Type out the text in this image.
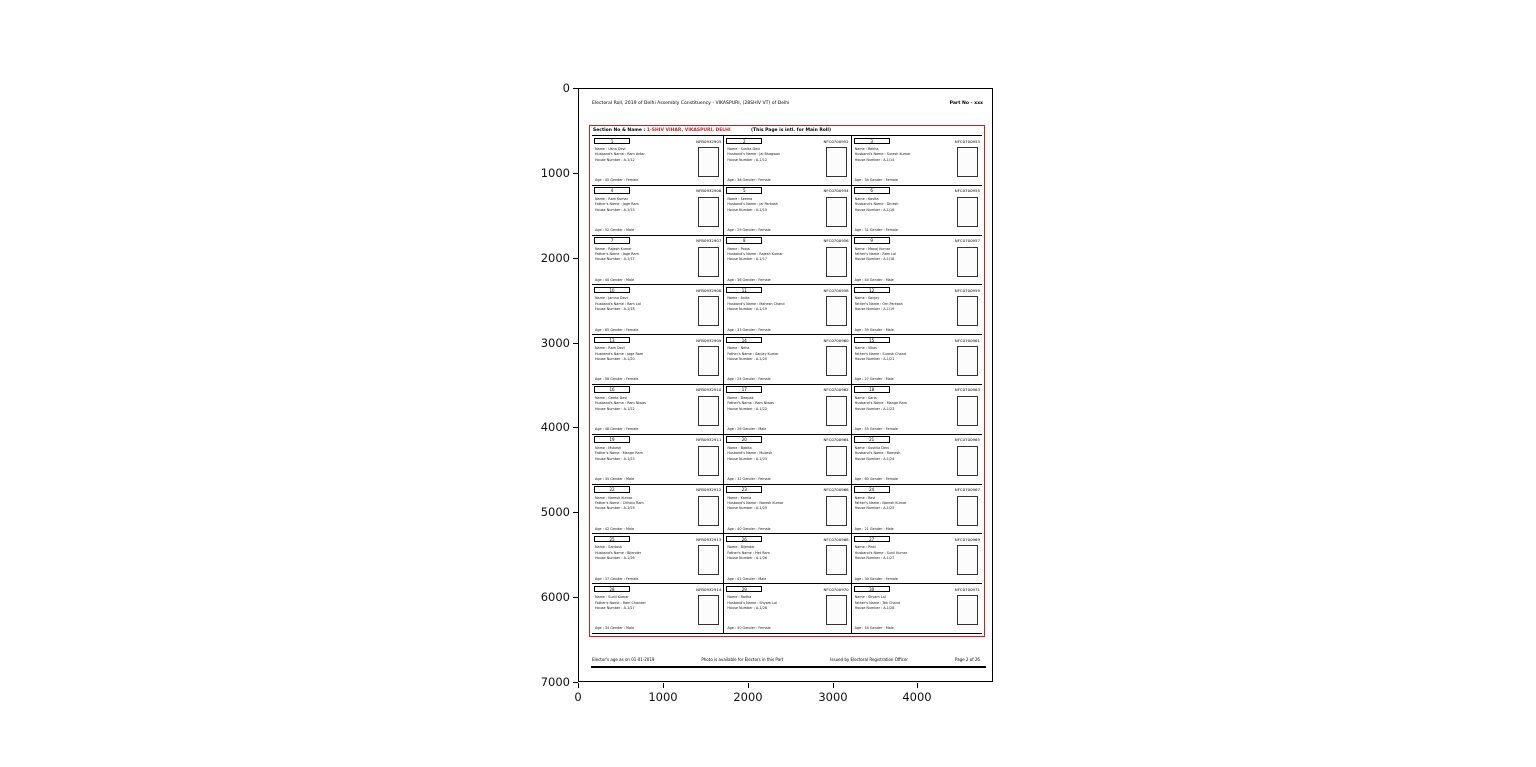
0
1000
2000
3000
4000
5000
6000
7000
0	1000	2000	3000	4000
Electoral Roll, 2019 of Delhi Assembly Constituency - VIKASPURI, (28SHIV VT) of Delhi	Part No - xxx
Section No & Name : 1-SHIV VIHAR, VIKASPURI, DELHI	(This Page is intl. for Main Roll)
1	NFB0932905
Name : Usha Devi
Husband's Name : Ram Avtar
House Number : A-1/12
Age : 45 Gender : Female
2	NFC0700952
Name : Sunita Devi
Husband's Name : Jai Bhagwan
House Number : A-1/12
Age : 38 Gender : Female
3	NFC0700953
Name : Rekha
Husband's Name : Suresh Kumar
House Number : A-1/14
Age : 34 Gender : Female
4	NFB0932906
Name : Ram Kumar
Father's Name : Jage Ram
House Number : A-1/15
Age : 52 Gender : Male
5	NFC0700954
Name : Seema
Husband's Name : Jai Parkash
House Number : A-1/15
Age : 29 Gender : Female
6	NFC0700955
Name : Kavita
Husband's Name : Dinesh
House Number : A-1/16
Age : 31 Gender : Female
7	NFB0932907
Name : Rajesh Kumar
Father's Name : Jage Ram
House Number : A-1/17
Age : 40 Gender : Male
8	NFC0700956
Name : Pooja
Husband's Name : Rajesh Kumar
House Number : A-1/17
Age : 36 Gender : Female
9	NFC0700957
Name : Manoj Kumar
Father's Name : Ram Lal
House Number : A-1/18
Age : 44 Gender : Male
10	NFB0932908
Name : Jamna Devi
Husband's Name : Ram Lal
House Number : A-1/18
Age : 65 Gender : Female
11	NFC0700958
Name : Anita
Husband's Name : Mahesh Chand
House Number : A-1/19
Age : 33 Gender : Female
12	NFC0700959
Name : Sanjay
Father's Name : Om Parkash
House Number : A-1/19
Age : 39 Gender : Male
13	NFB0932909
Name : Ram Devi
Husband's Name : Jage Ram
House Number : A-1/20
Age : 58 Gender : Female
14	NFC0700960
Name : Neha
Father's Name : Sanjay Kumar
House Number : A-1/20
Age : 24 Gender : Female
15	NFC0700961
Name : Vikas
Father's Name : Suresh Chand
House Number : A-1/21
Age : 27 Gender : Male
16	NFB0932910
Name : Geeta Devi
Husband's Name : Ram Niwas
House Number : A-1/22
Age : 48 Gender : Female
17	NFC0700962
Name : Deepak
Father's Name : Ram Niwas
House Number : A-1/22
Age : 26 Gender : Male
18	NFC0700963
Name : Sarla
Husband's Name : Mange Ram
House Number : A-1/23
Age : 55 Gender : Female
19	NFB0932911
Name : Mukesh
Father's Name : Mange Ram
House Number : A-1/23
Age : 35 Gender : Male
20	NFC0700964
Name : Babita
Husband's Name : Mukesh
House Number : A-1/23
Age : 32 Gender : Female
21	NFC0700965
Name : Sushila Devi
Husband's Name : Ramesh
House Number : A-1/24
Age : 60 Gender : Female
22	NFB0932912
Name : Naresh Kumar
Father's Name : Chhotu Ram
House Number : A-1/25
Age : 42 Gender : Male
23	NFC0700966
Name : Kamla
Husband's Name : Naresh Kumar
House Number : A-1/25
Age : 40 Gender : Female
24	NFC0700967
Name : Ravi
Father's Name : Naresh Kumar
House Number : A-1/25
Age : 21 Gender : Male
25	NFB0932913
Name : Santosh
Husband's Name : Bijender
House Number : A-1/26
Age : 37 Gender : Female
26	NFC0700968
Name : Bijender
Father's Name : Het Ram
House Number : A-1/26
Age : 41 Gender : Male
27	NFC0700969
Name : Pinki
Husband's Name : Sunil Kumar
House Number : A-1/27
Age : 30 Gender : Female
28	NFB0932914
Name : Sunil Kumar
Father's Name : Ram Chander
House Number : A-1/27
Age : 34 Gender : Male
29	NFC0700970
Name : Radha
Husband's Name : Shyam Lal
House Number : A-1/28
Age : 50 Gender : Female
30	NFC0700971
Name : Shyam Lal
Father's Name : Tek Chand
House Number : A-1/28
Age : 54 Gender : Male
Elector's age as on 01-01-2019	Photo is available for Electors in this Part	Issued by Electoral Registration Officer	Page 2 of 26
